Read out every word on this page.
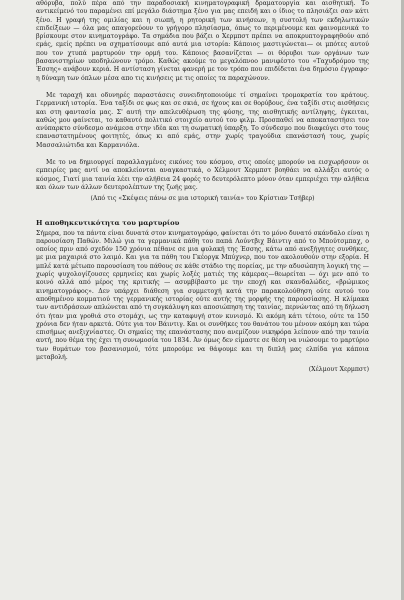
αθόρυβα, πολύ πέρα από την παραδοσιακή κινηματογραφική δραματουργία και αισθητική. Το αντικείμενό του παραμένει επί μεγάλο διάστημα ξένο για μας επειδή και ο ίδιος το πλησιάζει σαν κάτι ξένο. Η γραφή της ομιλίας και η σιωπή, η ρητορική των κινήσεων, η συστολή των εκδηλωτικών επιδείξεων — όλα μας απαγορεύουν το γρήγορο πλησίασμα, όπως το περιμένουμε και φαινομενικά το βρίσκουμε στον κινηματογράφο. Τα σημάδια που βάζει ο Χερμπστ πρέπει να αποκρυπτογραφηθούν από εμάς, εμείς πρέπει να σχηματίσουμε από αυτά μια ιστορία: Κάποιος μαστιγώνεται— οι μπότες αυτού που τον χτυπά μαρτυρούν την ορμή του. Κάποιος βασανίζεται — οι θόρυβοι των οργάνων των βασανιστηρίων υποδηλώνουν τρόμο. Καθώς ακούμε το μεγαλόπνοο μανιφέστο του «Ταχυδρόμου της Έσσης» ανάβουν κεριά. Η αντίσταση γίνεται φανερή με τον τρόπο που επιδίδεται ένα δημόσιο έγγραφο· η δύναμη των όπλων μέσα απο τις κινήσεις με τις οποίες τα παραχώνουν.

Με ταραχή και οδυνηρές παραστάσεις συνειδητοποιούμε τί σημαίνει τρομοκρατία του κράτους. Γερμανική ιστορία. Ένα ταξίδι σε φως και σε σκιά, σε ήχους και σε θορύβους, ένα ταξίδι στις αισθήσεις και στη φαντασία μας. Σ' αυτή την απελευθέρωση της φύσης, της αισθητικής αντίληψης, έγκειται, καθώς μου φαίνεται, το καθαυτό πολιτικό στοιχείο αυτού του φιλμ. Προσπαθεί να αποκαταστήσει τον ανύπαρκτο σύνδεσμο ανάμεσα στην ιδέα και τη σωματική ύπαρξη. Το σύνδεσμο που διαφεύγει στο τους επαναστατημένους φοιτητές, όπως κι από εμάς, στην χωρίς τραγούδια επανάστασή τους, χωρίς Μασσαλιώτιδα και Καρμανιόλα.

Με το να δημιουργεί παραλλαγμένες εικόνες του κόσμου, στις οποίες μπορούν να εισχωρήσουν οι εμπειρίες μας αντί να αποκλείονται αναγκαστικά, ο Χέλμουτ Χερμπστ βοηθάει να αλλάξει αυτός ο κόσμος, Γιατί μια ταινία λέει την αλήθεια 24 φορές το δευτερόλεπτο μόνον όταν εμπεριέχει την αλήθεια και όλων των άλλων δευτερολέπτων της ζωής μας.

(Από τις «Σκέψεις πάνω σε μια ιστορική ταινία» του Κρίστιαν Τσήβερ)
Η αποθηκευτικότητα του μαρτυρίου

Σήμερα, που τα πάντα είναι δυνατά στον κινηματογράφο, φαίνεται ότι το μόνο δυνατό σκάνδαλο είναι η παρουσίαση Παθών. Μιλώ για τα γερμανικά πάθη του παπά Λούντβιχ Βάιντιγ από το Μπούτσμπαχ, ο οποίος πριν από σχεδόν 150 χρόνια πέθανε σε μια φυλακή της Έσσης, κάτω από ανεξήγητες συνθήκες, με μια μαχαιριά στο λαιμό. Και για τα πάθη του Γκέοργκ Μπύχνερ, που τον ακολουθούν στην εξορία. Η μπλέ κατά μέτωπο παρουσίαση του πάθους σε κάθε στάδιο της πορείας, με την αδυσώπητη λογική της — χωρίς ψυχολογίζουσες ερμηνείες και χωρίς λοξές ματιές της κάμερας—θεωρείται — όχι μεν από το κοινό αλλά από μέρος της κριτικής — ασυμβίβαστο με την εποχή και σκανδαλώδες, «βρώμικος κινηματογράφος». Δεν υπάρχει διάθεση για συμμετοχή κατά την παρακολούθηση ούτε αυτού του αποθημένου κομματιού της γερμανικής ιστορίας ούτε αυτής της μορφής της παρουσίασης. Η κλίμακα των αντιδράσεων απλώνεται από τη συγκάλυψη και αποσιώπηση της ταινίας, περνώντας από τη δήλωση ότι ήταν μια γροθιά στο στομάχι, ως την καταφυγή στον κυνισμό. Κι ακόμη κάτι τέτοιο, ούτε τα 150 χρόνια δεν ήταν αρκετά. Ούτε για τον Βάιντιγ. Και οι συνθήκες του θανάτου του μένουν ακόμη και τώρα επισήμως ανεξιχνίαστες. Οι σημαίες της επανάστασης που ανεμίζουν νικηφόρα λείπουν από την ταινία αυτή, που θέμα της έχει τη συνωμοσία του 1834. Άν όμως δεν είμαστε σε θέση να νιώσουμε το μαρτύριο των θυμάτων του βασανισμού, τότε μπορούμε να θάψουμε και τη διπλή μας ελπίδα για κάποια μεταβολή.

(Χέλμουτ Χερμπστ)
